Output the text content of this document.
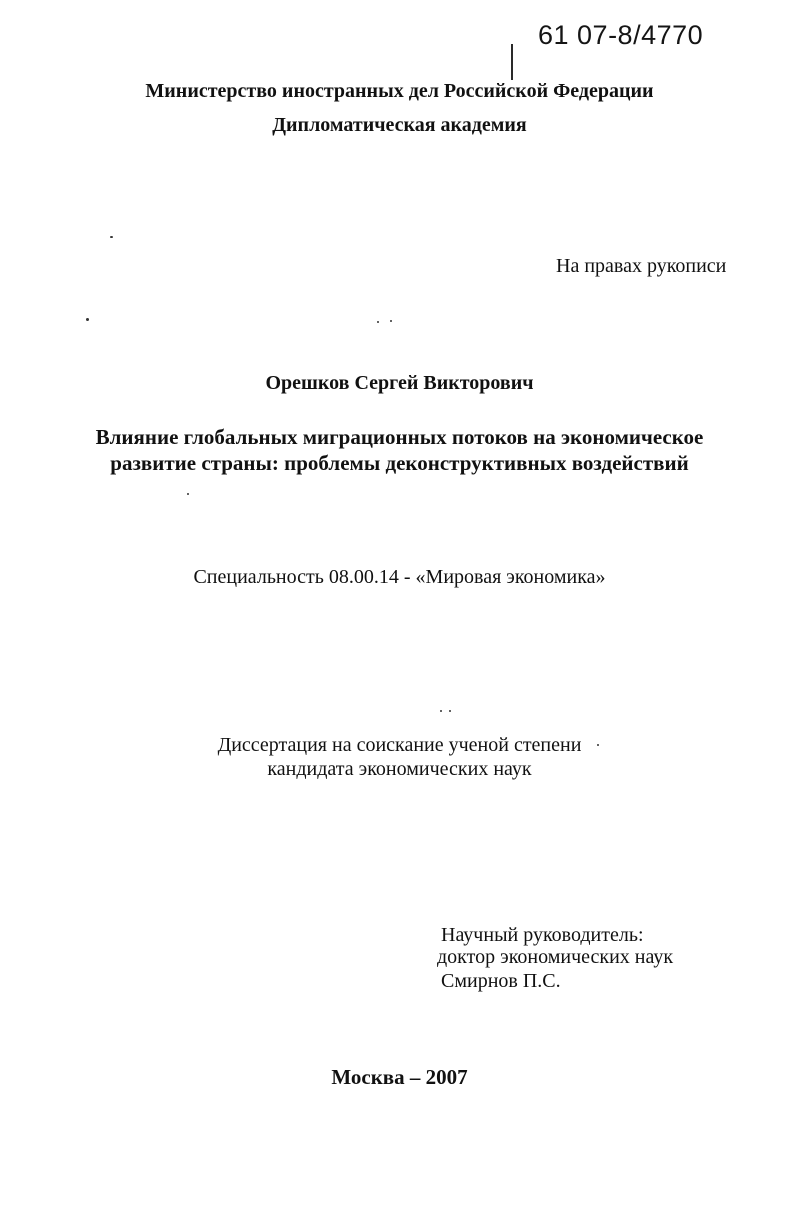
61 07-8/4770
Министерство иностранных дел Российской Федерации
Дипломатическая академия
На правах рукописи
Орешков Сергей Викторович
Влияние глобальных миграционных потоков на экономическое
развитие страны: проблемы деконструктивных воздействий
Специальность 08.00.14 - «Мировая экономика»
Диссертация на соискание ученой степени
кандидата экономических наук
Научный руководитель:
доктор экономических наук
Смирнов П.С.
Москва – 2007
